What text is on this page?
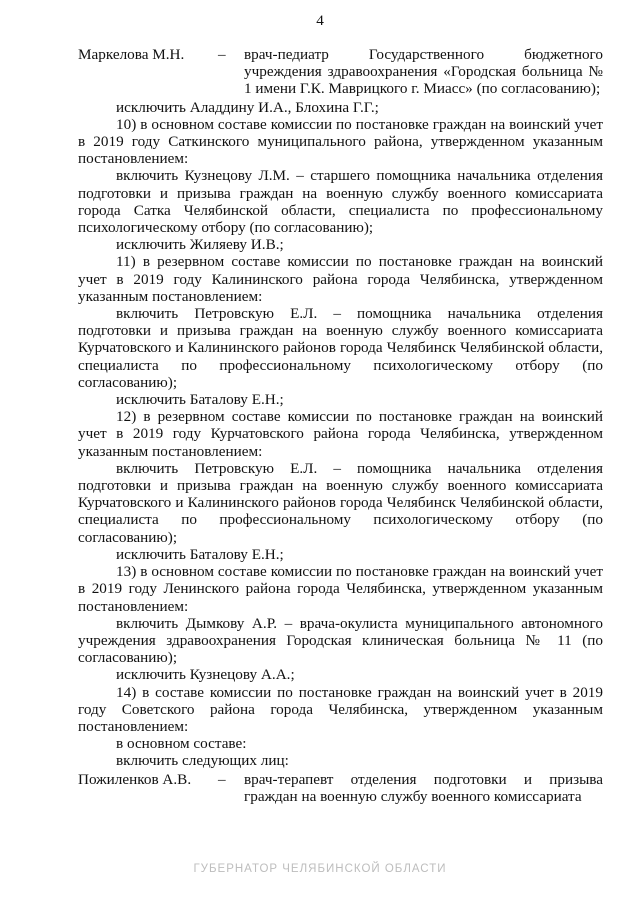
4
Маркелова М.Н.	–	врач-педиатр Государственного бюджетного учреждения здравоохранения «Городская больница № 1 имени Г.К. Маврицкого г. Миасс» (по согласованию);

исключить Аладдину И.А., Блохина Г.Г.;

10) в основном составе комиссии по постановке граждан на воинский учет в 2019 году Саткинского муниципального района, утвержденном указанным постановлением:

включить Кузнецову Л.М. – старшего помощника начальника отделения подготовки и призыва граждан на военную службу военного комиссариата города Сатка Челябинской области, специалиста по профессиональному психологическому отбору (по согласованию);

исключить Жиляеву И.В.;

11) в резервном составе комиссии по постановке граждан на воинский учет в 2019 году Калининского района города Челябинска, утвержденном указанным постановлением:

включить Петровскую Е.Л. – помощника начальника отделения подготовки и призыва граждан на военную службу военного комиссариата Курчатовского и Калининского районов города Челябинск Челябинской области, специалиста по профессиональному психологическому отбору (по согласованию);

исключить Баталову Е.Н.;

12) в резервном составе комиссии по постановке граждан на воинский учет в 2019 году Курчатовского района города Челябинска, утвержденном указанным постановлением:

включить Петровскую Е.Л. – помощника начальника отделения подготовки и призыва граждан на военную службу военного комиссариата Курчатовского и Калининского районов города Челябинск Челябинской области, специалиста по профессиональному психологическому отбору (по согласованию);

исключить Баталову Е.Н.;

13) в основном составе комиссии по постановке граждан на воинский учет в 2019 году Ленинского района города Челябинска, утвержденном указанным постановлением:

включить Дымкову А.Р. – врача-окулиста муниципального автономного учреждения здравоохранения Городская клиническая больница № 11 (по согласованию);

исключить Кузнецову А.А.;

14) в составе комиссии по постановке граждан на воинский учет в 2019 году Советского района города Челябинска, утвержденном указанным постановлением:

в основном составе:

включить следующих лиц:

Пожиленков А.В.	–	врач-терапевт отделения подготовки и призыва граждан на военную службу военного комиссариата
ГУБЕРНАТОР ЧЕЛЯБИНСКОЙ ОБЛАСТИ
